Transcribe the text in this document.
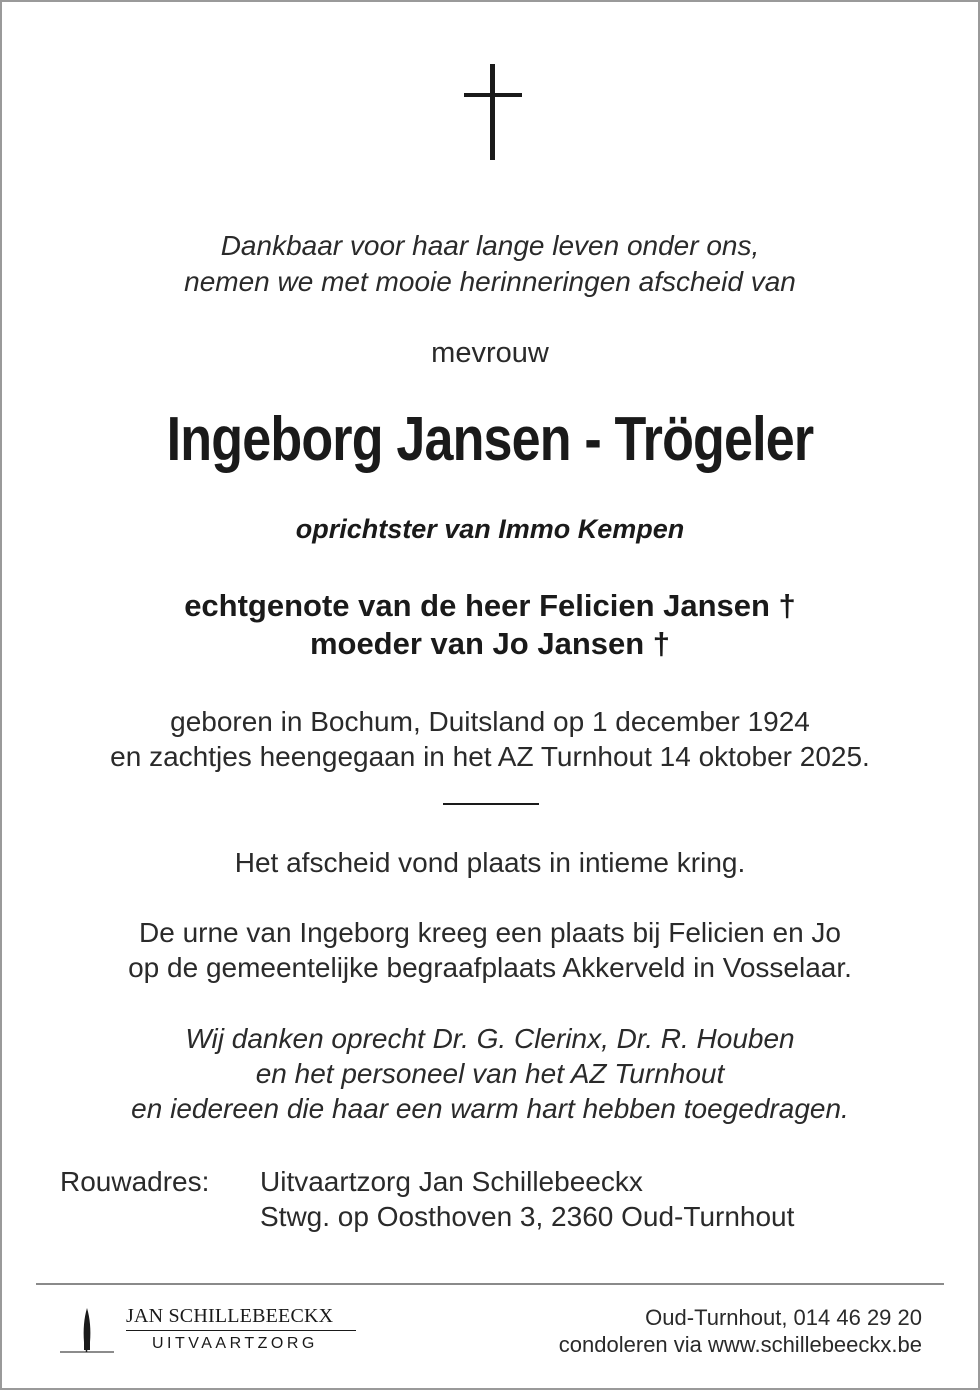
Dankbaar voor haar lange leven onder ons,
nemen we met mooie herinneringen afscheid van
mevrouw
Ingeborg Jansen - Trögeler
oprichtster van Immo Kempen
echtgenote van de heer Felicien Jansen †
moeder van Jo Jansen †
geboren in Bochum, Duitsland op 1 december 1924
en zachtjes heengegaan in het AZ Turnhout 14 oktober 2025.
Het afscheid vond plaats in intieme kring.
De urne van Ingeborg kreeg een plaats bij Felicien en Jo
op de gemeentelijke begraafplaats Akkerveld in Vosselaar.
Wij danken oprecht Dr. G. Clerinx, Dr. R. Houben
en het personeel van het AZ Turnhout
en iedereen die haar een warm hart hebben toegedragen.
Rouwadres: Uitvaartzorg Jan Schillebeeckx
Stwg. op Oosthoven 3, 2360 Oud-Turnhout
JAN SCHILLEBEECKX
UITVAARTZORG
Oud-Turnhout, 014 46 29 20
condoleren via www.schillebeeckx.be
